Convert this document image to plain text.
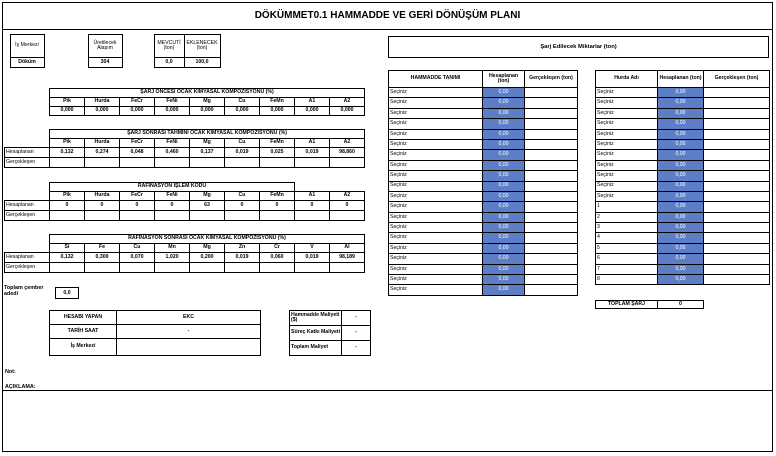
DÖKÜMMET0.1 HAMMADDE VE GERİ DÖNÜŞÜM PLANI
	İş Merkezi		Üretilecek Alaşım		MEVCUTİ (ton)	EKLENECEK (ton)
	Döküm		304		0,0	100,0
ŞARJ ÖNCESİ OCAK KİMYASAL KOMPOZİSYONU (%)								
Pik	Hurda	FeCr	FeNi	Mg	Cu	FeMn	A1	A2
0,000	0,000	0,000	0,000	0,000	0,000	0,000	0,000	0,000
	ŞARJ SONRASI TAHMİNİ OCAK KİMYASAL KOMPOZİSYONU (%)								
	Pik	Hurda	FeCr	FeNi	Mg	Cu	FeMn	A1	A2
Hesaplanan	0,132	0,274	0,048	0,460	0,137	0,019	0,025	0,019	98,860
Gerçekleşen									
	RAFİNASYON İŞLEM KODU								
	Pik	Hurda	FeCr	FeNi	Mg	Cu	FeMn	A1	A2
Hesaplanan	0	0	0	0	63	0	0	0	0
Gerçekleşen									
	RAFİNASYON SONRASI OCAK KİMYASAL KOMPOZİSYONU (%)								
	Si	Fe	Cu	Mn	Mg	Zn	Cr	V	Al
Hesaplanan	0,132	0,300	0,070	1,020	0,200	0,019	0,060	0,019	98,189
Gerçekleşen									
Toplam çember adedi	0,0
HESABI YAPAN	EKC
TARİH SAAT	-
İş Merkezi	
Hammadde Maliyeti ($)	-
Süreç Katkı Maliyeti	-
Toplam Maliyet	-
Not:
AÇIKLAMA:
Şarj Edilecek Miktarlar (ton)
HAMMADDE TANIMI	Hesaplanan (ton)	Gerçekleşen (ton)
Seçiniz	0,00	
Seçiniz	0,00	
Seçiniz	0,00	
Seçiniz	0,00	
Seçiniz	0,00	
Seçiniz	0,00	
Seçiniz	0,00	
Seçiniz	0,00	
Seçiniz	0,00	
Seçiniz	0,00	
Seçiniz	0,00	
Seçiniz	0,00	
Seçiniz	0,00	
Seçiniz	0,00	
Seçiniz	0,00	
Seçiniz	0,00	
Seçiniz	0,00	
Seçiniz	0,00	
Seçiniz	0,00	
Seçiniz	0,00	
Hurda Adı	Hesaplanan (ton)	Gerçekleşen (ton)
Seçiniz	0,00	
Seçiniz	0,00	
Seçiniz	0,00	
Seçiniz	0,00	
Seçiniz	0,00	
Seçiniz	0,00	
Seçiniz	0,00	
Seçiniz	0,00	
Seçiniz	0,00	
Seçiniz	0,00	
Seçiniz	0,00	
1	0,00	
2	0,00	
3	0,00	
4	0,00	
5	0,00	
6	0,00	
7	0,00	
8	0,00	
TOPLAM ŞARJ	0
